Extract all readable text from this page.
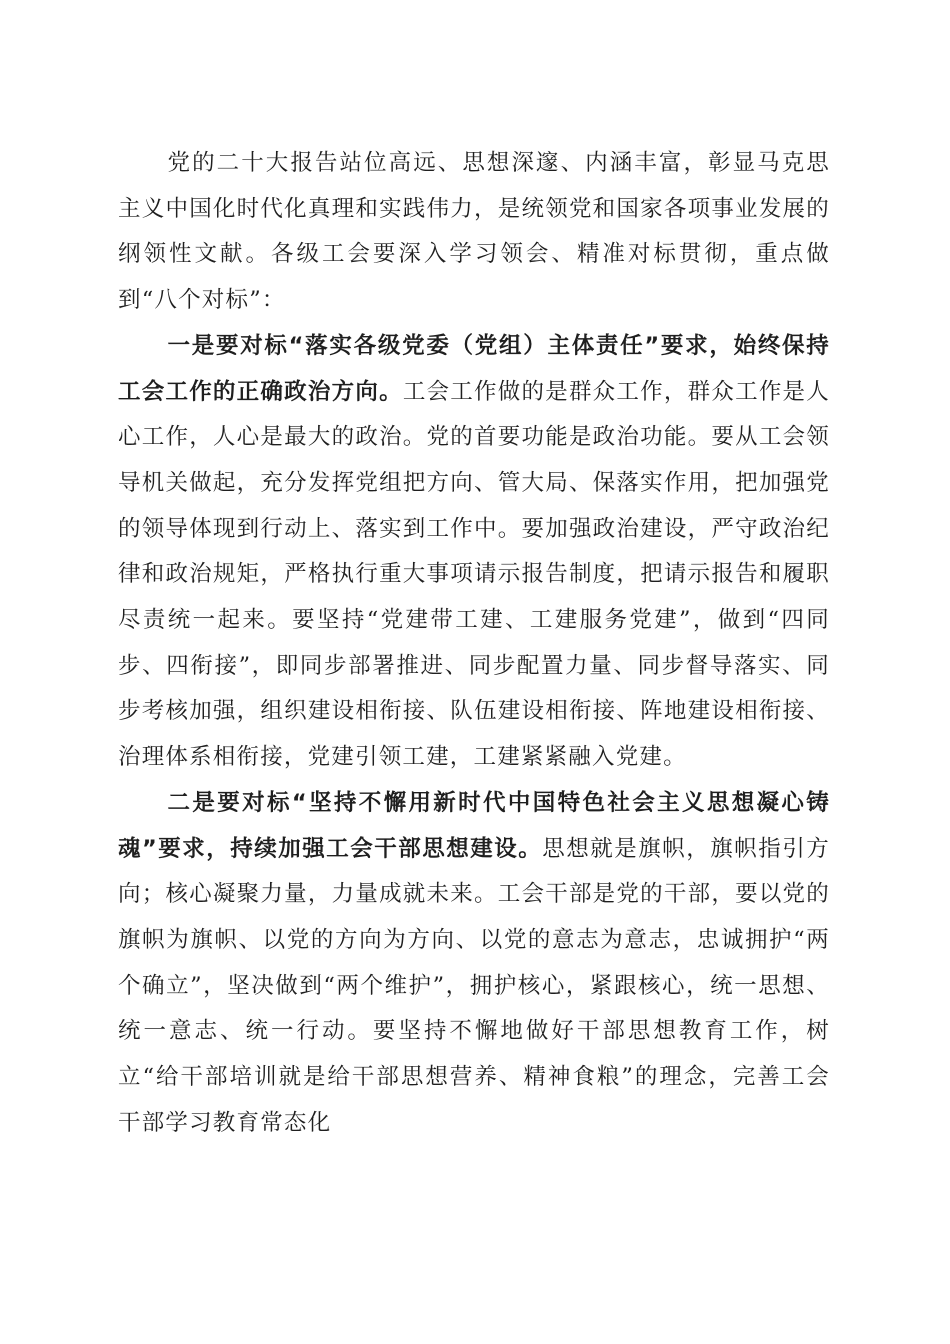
党的二十大报告站位高远、思想深邃、内涵丰富，彰显马克思主义中国化时代化真理和实践伟力，是统领党和国家各项事业发展的纲领性文献。各级工会要深入学习领会、精准对标贯彻，重点做到“八个对标”：

一是要对标“落实各级党委（党组）主体责任”要求，始终保持工会工作的正确政治方向。工会工作做的是群众工作，群众工作是人心工作，人心是最大的政治。党的首要功能是政治功能。要从工会领导机关做起，充分发挥党组把方向、管大局、保落实作用，把加强党的领导体现到行动上、落实到工作中。要加强政治建设，严守政治纪律和政治规矩，严格执行重大事项请示报告制度，把请示报告和履职尽责统一起来。要坚持“党建带工建、工建服务党建”，做到“四同步、四衔接”，即同步部署推进、同步配置力量、同步督导落实、同步考核加强，组织建设相衔接、队伍建设相衔接、阵地建设相衔接、治理体系相衔接，党建引领工建，工建紧紧融入党建。

二是要对标“坚持不懈用新时代中国特色社会主义思想凝心铸魂”要求，持续加强工会干部思想建设。思想就是旗帜，旗帜指引方向；核心凝聚力量，力量成就未来。工会干部是党的干部，要以党的旗帜为旗帜、以党的方向为方向、以党的意志为意志，忠诚拥护“两个确立”，坚决做到“两个维护”，拥护核心，紧跟核心，统一思想、统一意志、统一行动。要坚持不懈地做好干部思想教育工作，树立“给干部培训就是给干部思想营养、精神食粮”的理念，完善工会干部学习教育常态化
